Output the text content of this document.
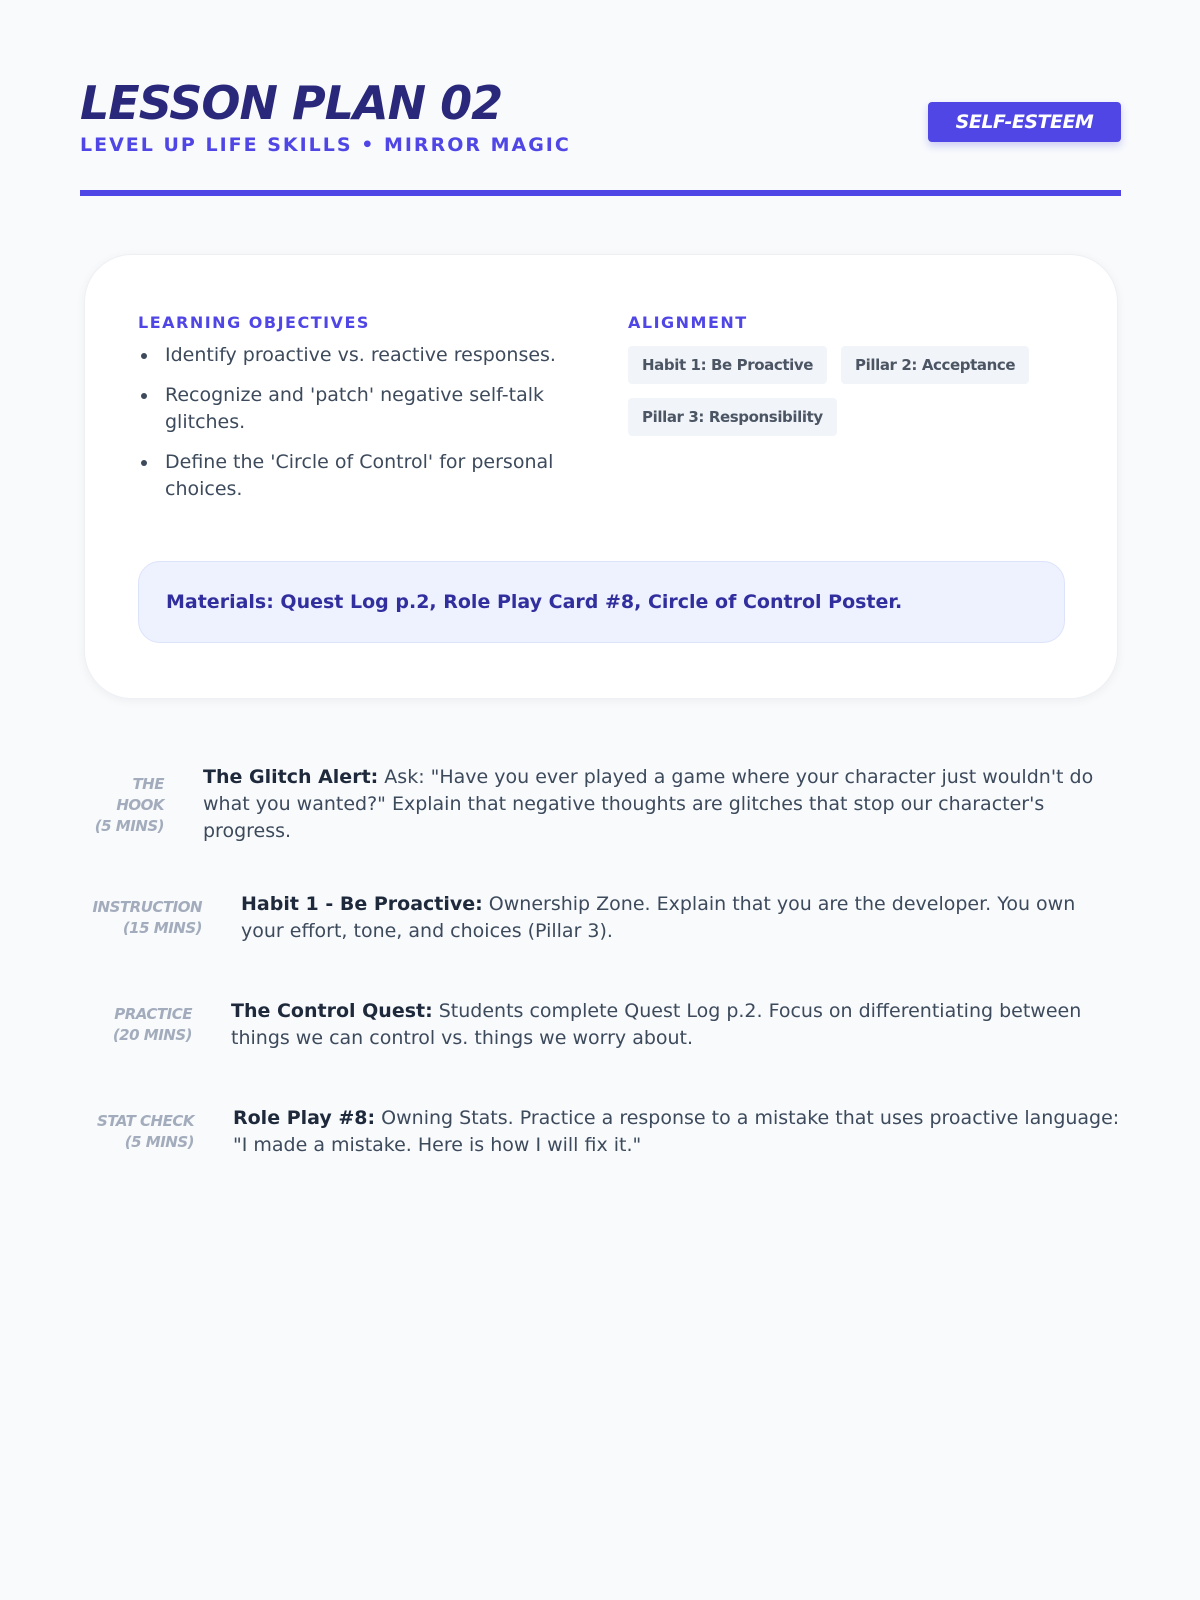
LESSON PLAN 02
LEVEL UP LIFE SKILLS • MIRROR MAGIC
SELF-ESTEEM
LEARNING OBJECTIVES
Identify proactive vs. reactive responses.
Recognize and 'patch' negative self-talk glitches.
Define the 'Circle of Control' for personal choices.
ALIGNMENT
Habit 1: Be Proactive	Pillar 2: Acceptance
Pillar 3: Responsibility
Materials: Quest Log p.2, Role Play Card #8, Circle of Control Poster.
THE HOOK
(5 MINS)
The Glitch Alert: Ask: "Have you ever played a game where your character just wouldn't do what you wanted?" Explain that negative thoughts are glitches that stop our character's progress.
INSTRUCTION
(15 MINS)
Habit 1 - Be Proactive: Ownership Zone. Explain that you are the developer. You own your effort, tone, and choices (Pillar 3).
PRACTICE
(20 MINS)
The Control Quest: Students complete Quest Log p.2. Focus on differentiating between things we can control vs. things we worry about.
STAT CHECK
(5 MINS)
Role Play #8: Owning Stats. Practice a response to a mistake that uses proactive language: "I made a mistake. Here is how I will fix it."
